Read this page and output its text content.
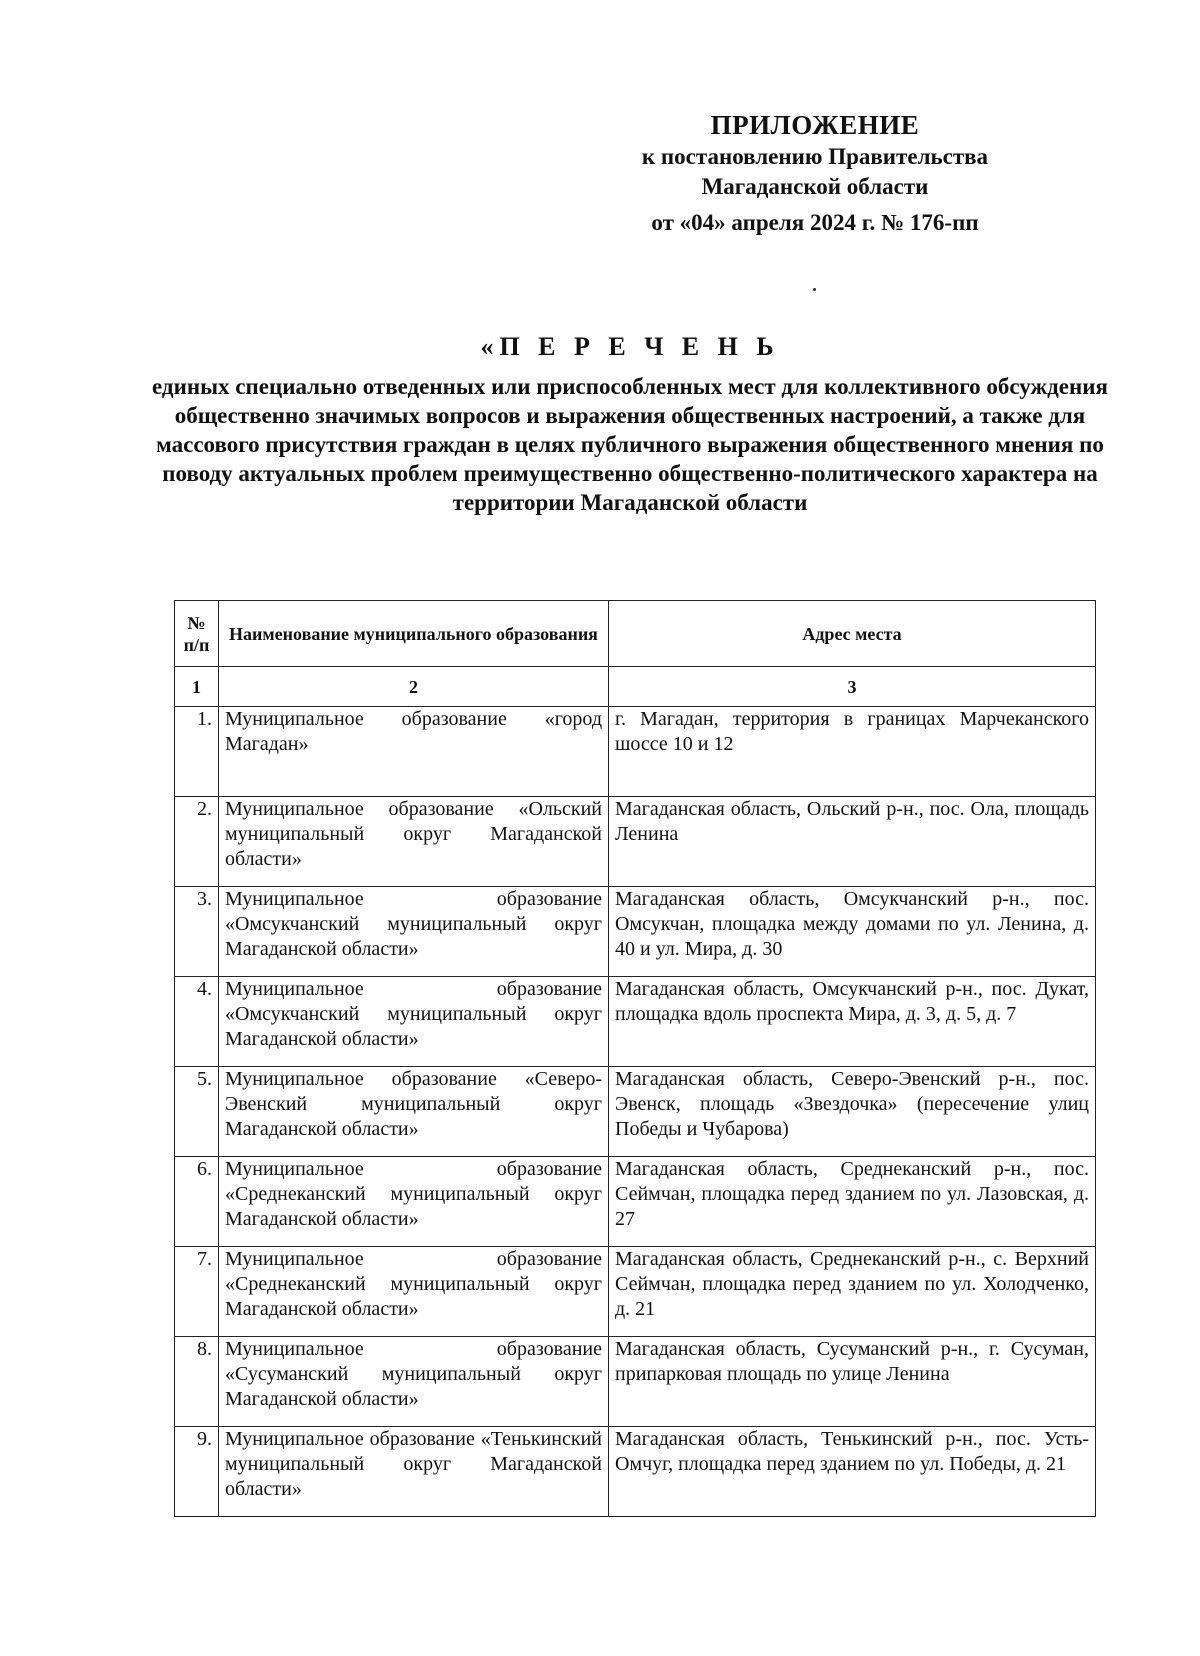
ПРИЛОЖЕНИЕ
к постановлению Правительства
Магаданской области
от «04» апреля 2024 г. № 176-пп
«П Е Р Е Ч Е Н Ь
единых специально отведенных или приспособленных мест для коллективного обсуждения общественно значимых вопросов и выражения общественных настроений, а также для массового присутствия граждан в целях публичного выражения общественного мнения по поводу актуальных проблем преимущественно общественно-политического характера на территории Магаданской области
№ п/п	Наименование муниципального образования	Адрес места
1	2	3
1.	Муниципальное образование «город Магадан»	г. Магадан, территория в границах Марчеканского шоссе 10 и 12
2.	Муниципальное образование «Ольский муниципальный округ Магаданской области»	Магаданская область, Ольский р-н., пос. Ола, площадь Ленина
3.	Муниципальное образование «Омсукчанский муниципальный округ Магаданской области»	Магаданская область, Омсукчанский р-н., пос. Омсукчан, площадка между домами по ул. Ленина, д. 40 и ул. Мира, д. 30
4.	Муниципальное образование «Омсукчанский муниципальный округ Магаданской области»	Магаданская область, Омсукчанский р-н., пос. Дукат, площадка вдоль проспекта Мира, д. 3, д. 5, д. 7
5.	Муниципальное образование «Северо-Эвенский муниципальный округ Магаданской области»	Магаданская область, Северо-Эвенский р-н., пос. Эвенск, площадь «Звездочка» (пересечение улиц Победы и Чубарова)
6.	Муниципальное образование «Среднеканский муниципальный округ Магаданской области»	Магаданская область, Среднеканский р-н., пос. Сеймчан, площадка перед зданием по ул. Лазовская, д. 27
7.	Муниципальное образование «Среднеканский муниципальный округ Магаданской области»	Магаданская область, Среднеканский р-н., с. Верхний Сеймчан, площадка перед зданием по ул. Холодченко, д. 21
8.	Муниципальное образование «Сусуманский муниципальный округ Магаданской области»	Магаданская область, Сусуманский р-н., г. Сусуман, припарковая площадь по улице Ленина
9.	Муниципальное образование «Тенькинский муниципальный округ Магаданской области»	Магаданская область, Тенькинский р-н., пос. Усть-Омчуг, площадка перед зданием по ул. Победы, д. 21
